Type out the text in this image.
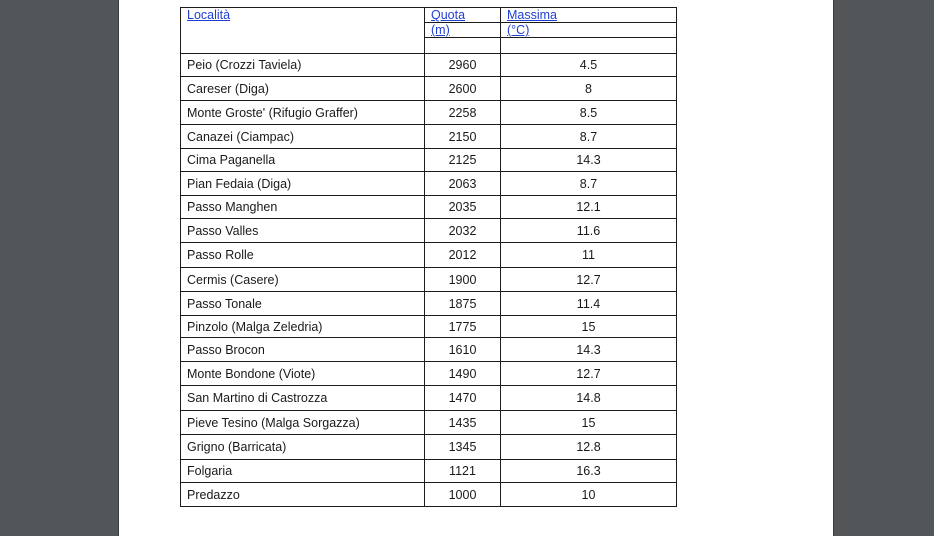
Località	Quota	Massima
	(m)	(°C)

Peio (Crozzi Taviela)	2960	4.5
Careser (Diga)	2600	8
Monte Groste' (Rifugio Graffer)	2258	8.5
Canazei (Ciampac)	2150	8.7
Cima Paganella	2125	14.3
Pian Fedaia (Diga)	2063	8.7
Passo Manghen	2035	12.1
Passo Valles	2032	11.6
Passo Rolle	2012	11
Cermis (Casere)	1900	12.7
Passo Tonale	1875	11.4
Pinzolo (Malga Zeledria)	1775	15
Passo Brocon	1610	14.3
Monte Bondone (Viote)	1490	12.7
San Martino di Castrozza	1470	14.8
Pieve Tesino (Malga Sorgazza)	1435	15
Grigno (Barricata)	1345	12.8
Folgaria	1121	16.3
Predazzo	1000	10
